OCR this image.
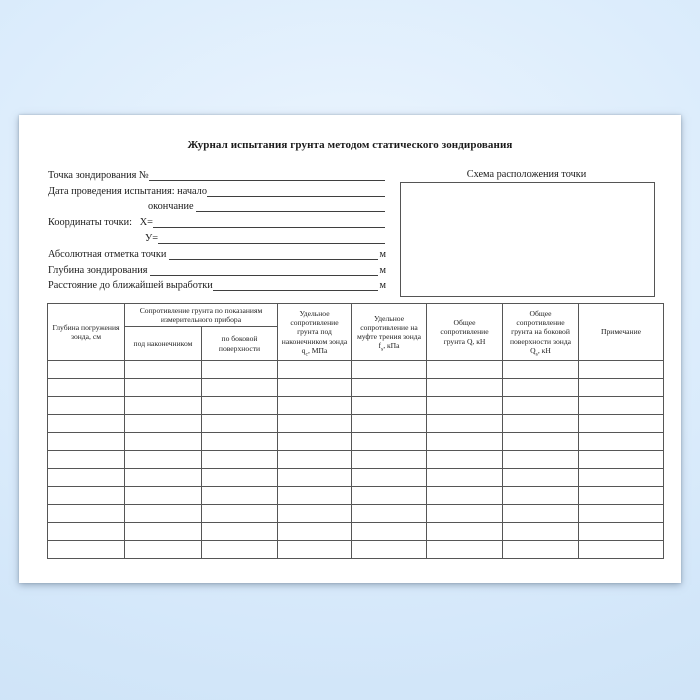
Журнал испытания грунта методом статического зондирования
Точка зондирования №
Дата проведения испытания: начало
окончание
Координаты точки:   Х=
У=
Абсолютная отметка точки	м
Глубина зондирования	м
Расстояние до ближайшей выработки	м
Схема расположения точки
Глубина погружения зонда, см	Сопротивление грунта по показаниям измерительного прибора		Удельное сопротивление грунта под наконечником зонда $q_с$, МПа	Удельное сопротивление на муфте трения зонда $f_s$, кПа	Общее сопротивление грунта Q, кН	Общее сопротивление грунта на боковой поверхности зонда $Q_s$, кН	Примечание
	под наконечником	по боковой поверхности					
